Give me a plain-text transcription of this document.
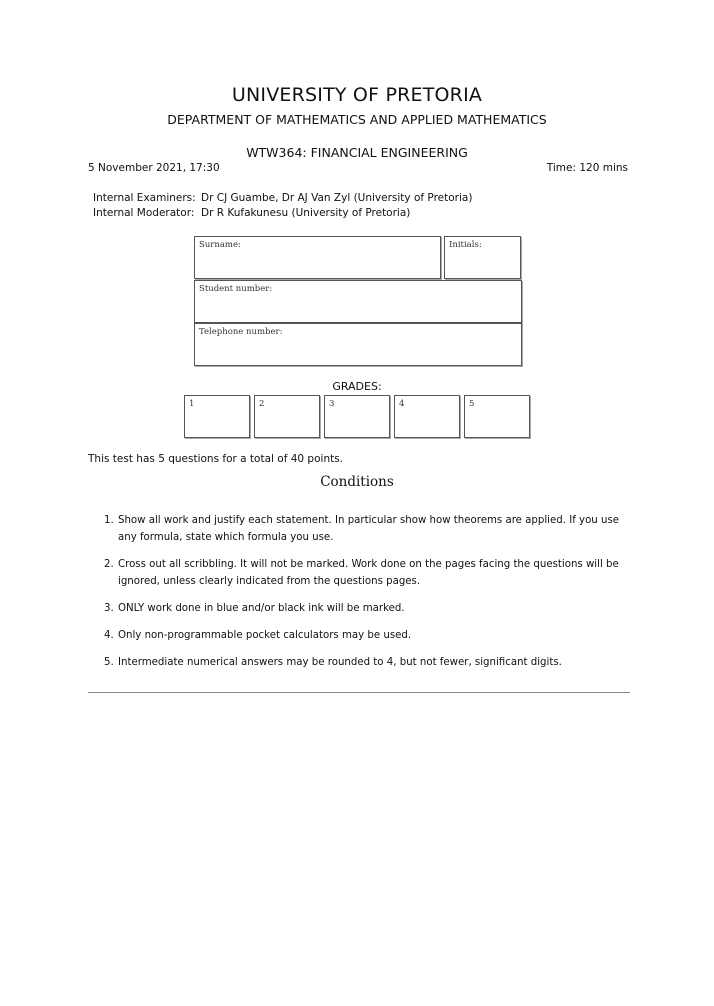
UNIVERSITY OF PRETORIA
DEPARTMENT OF MATHEMATICS AND APPLIED MATHEMATICS
WTW364: FINANCIAL ENGINEERING
5 November 2021, 17:30	Time: 120 mins
Internal Examiners: Dr CJ Guambe, Dr AJ Van Zyl (University of Pretoria)
Internal Moderator: Dr R Kufakunesu (University of Pretoria)
Surname:	Initials:
Student number:
Telephone number:
GRADES:
1	2	3	4	5
This test has 5 questions for a total of 40 points.
Conditions
1. Show all work and justify each statement. In particular show how theorems are applied. If you use any formula, state which formula you use.
2. Cross out all scribbling. It will not be marked. Work done on the pages facing the questions will be ignored, unless clearly indicated from the questions pages.
3. ONLY work done in blue and/or black ink will be marked.
4. Only non-programmable pocket calculators may be used.
5. Intermediate numerical answers may be rounded to 4, but not fewer, significant digits.
